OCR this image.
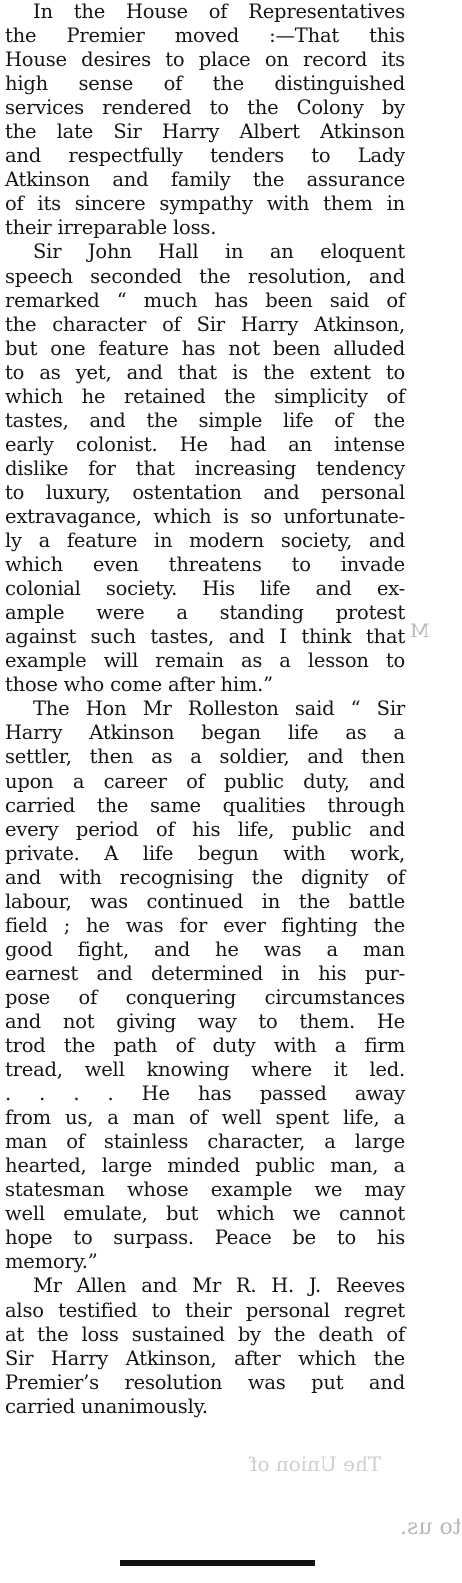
In the House of Representatives
the Premier moved :—That this
House desires to place on record its
high sense of the distinguished
services rendered to the Colony by
the late Sir Harry Albert Atkinson
and respectfully tenders to Lady
Atkinson and family the assurance
of its sincere sympathy with them in
their irreparable loss.
Sir John Hall in an eloquent
speech seconded the resolution, and
remarked “ much has been said of
the character of Sir Harry Atkinson,
but one feature has not been alluded
to as yet, and that is the extent to
which he retained the simplicity of
tastes, and the simple life of the
early colonist. He had an intense
dislike for that increasing tendency
to luxury, ostentation and personal
extravagance, which is so unfortunate-
ly a feature in modern society, and
which even threatens to invade
colonial society. His life and ex-
ample were a standing protest
against such tastes, and I think that
example will remain as a lesson to
those who come after him.”
The Hon Mr Rolleston said “ Sir
Harry Atkinson began life as a
settler, then as a soldier, and then
upon a career of public duty, and
carried the same qualities through
every period of his life, public and
private. A life begun with work,
and with recognising the dignity of
labour, was continued in the battle
field ; he was for ever fighting the
good fight, and he was a man
earnest and determined in his pur-
pose of conquering circumstances
and not giving way to them. He
trod the path of duty with a firm
tread, well knowing where it led.
. . . . He has passed away
from us, a man of well spent life, a
man of stainless character, a large
hearted, large minded public man, a
statesman whose example we may
well emulate, but which we cannot
hope to surpass. Peace be to his
memory.”
Mr Allen and Mr R. H. J. Reeves
also testified to their personal regret
at the loss sustained by the death of
Sir Harry Atkinson, after which the
Premier’s resolution was put and
carried unanimously.
M
to us.
The Union of
